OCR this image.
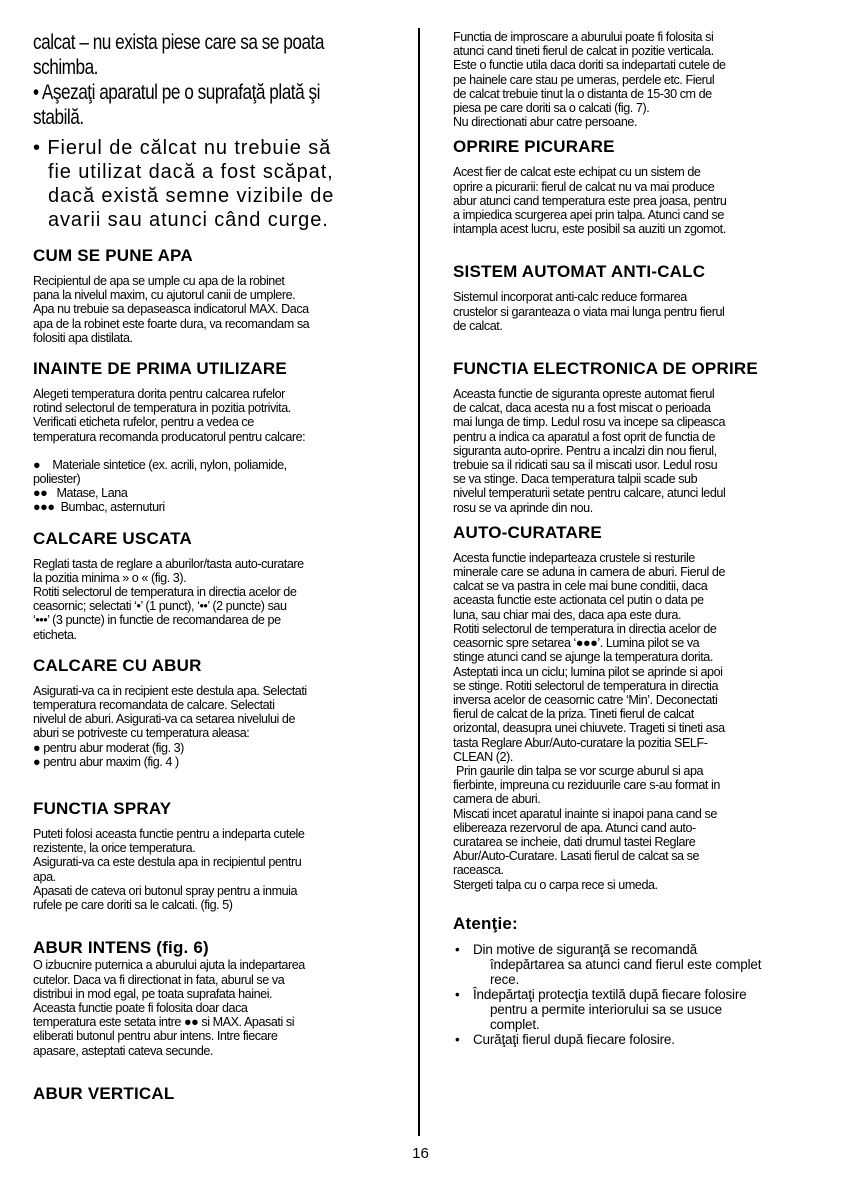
calcat – nu exista piese care sa se poata

schimba.

• Aşezaţi aparatul pe o suprafaţă plată şi

stabilă.

• Fierul de călcat nu trebuie să

fie utilizat dacă a fost scăpat,

dacă există semne vizibile de

avarii sau atunci când curge.

CUM SE PUNE APA

Recipientul de apa se umple cu apa de la robinet

pana la nivelul maxim, cu ajutorul canii de umplere.

Apa nu trebuie sa depaseasca indicatorul MAX. Daca

apa de la robinet este foarte dura, va recomandam sa

folositi apa distilata.

INAINTE DE PRIMA UTILIZARE

Alegeti temperatura dorita pentru calcarea rufelor

rotind selectorul de temperatura in pozitia potrivita.

Verificati eticheta rufelor, pentru a vedea ce

temperatura recomanda producatorul pentru calcare:

●    Materiale sintetice (ex. acrili, nylon, poliamide,

poliester)

●●   Matase, Lana

●●●  Bumbac, asternuturi

CALCARE USCATA

Reglati tasta de reglare a aburilor/tasta auto-curatare

la pozitia minima » o « (fig. 3).

Rotiti selectorul de temperatura in directia acelor de

ceasornic; selectati ‘•’ (1 punct), ‘••’ (2 puncte) sau

‘•••’ (3 puncte) in functie de recomandarea de pe

eticheta.

CALCARE CU ABUR

Asigurati-va ca in recipient este destula apa. Selectati

temperatura recomandata de calcare. Selectati

nivelul de aburi. Asigurati-va ca setarea nivelului de

aburi se potriveste cu temperatura aleasa:

● pentru abur moderat (fig. 3)

● pentru abur maxim (fig. 4 )

FUNCTIA SPRAY

Puteti folosi aceasta functie pentru a indeparta cutele

rezistente, la orice temperatura.

Asigurati-va ca este destula apa in recipientul pentru

apa.

Apasati de cateva ori butonul spray pentru a inmuia

rufele pe care doriti sa le calcati. (fig. 5)

ABUR INTENS (fig. 6)

O izbucnire puternica a aburului ajuta la indepartarea

cutelor. Daca va fi directionat in fata, aburul se va

distribui in mod egal, pe toata suprafata hainei.

Aceasta functie poate fi folosita doar daca

temperatura este setata intre ●● si MAX. Apasati si

eliberati butonul pentru abur intens. Intre fiecare

apasare, asteptati cateva secunde.

ABUR VERTICAL

Functia de improscare a aburului poate fi folosita si

atunci cand tineti fierul de calcat in pozitie verticala.

Este o functie utila daca doriti sa indepartati cutele de

pe hainele care stau pe umeras, perdele etc. Fierul

de calcat trebuie tinut la o distanta de 15-30 cm de

piesa pe care doriti sa o calcati (fig. 7).

Nu directionati abur catre persoane.

OPRIRE PICURARE

Acest fier de calcat este echipat cu un sistem de

oprire a picurarii: fierul de calcat nu va mai produce

abur atunci cand temperatura este prea joasa, pentru

a impiedica scurgerea apei prin talpa. Atunci cand se

intampla acest lucru, este posibil sa auziti un zgomot.

SISTEM AUTOMAT ANTI-CALC

Sistemul incorporat anti-calc reduce formarea

crustelor si garanteaza o viata mai lunga pentru fierul

de calcat.

FUNCTIA ELECTRONICA DE OPRIRE

Aceasta functie de siguranta opreste automat fierul

de calcat, daca acesta nu a fost miscat o perioada

mai lunga de timp. Ledul rosu va incepe sa clipeasca

pentru a indica ca aparatul a fost oprit de functia de

siguranta auto-oprire. Pentru a incalzi din nou fierul,

trebuie sa il ridicati sau sa il miscati usor. Ledul rosu

se va stinge. Daca temperatura talpii scade sub

nivelul temperaturii setate pentru calcare, atunci ledul

rosu se va aprinde din nou.

AUTO-CURATARE

Acesta functie indeparteaza crustele si resturile

minerale care se aduna in camera de aburi. Fierul de

calcat se va pastra in cele mai bune conditii, daca

aceasta functie este actionata cel putin o data pe

luna, sau chiar mai des, daca apa este dura.

Rotiti selectorul de temperatura in directia acelor de

ceasornic spre setarea ‘●●●’. Lumina pilot se va

stinge atunci cand se ajunge la temperatura dorita.

Asteptati inca un ciclu; lumina pilot se aprinde si apoi

se stinge. Rotiti selectorul de temperatura in directia

inversa acelor de ceasornic catre ‘Min’. Deconectati

fierul de calcat de la priza. Tineti fierul de calcat

orizontal, deasupra unei chiuvete. Trageti si tineti asa

tasta Reglare Abur/Auto-curatare la pozitia SELF-

CLEAN (2).

Prin gaurile din talpa se vor scurge aburul si apa

fierbinte, impreuna cu reziduurile care s-au format in

camera de aburi.

Miscati incet aparatul inainte si inapoi pana cand se

elibereaza rezervorul de apa. Atunci cand auto-

curatarea se incheie, dati drumul tastei Reglare

Abur/Auto-Curatare. Lasati fierul de calcat sa se

raceasca.

Stergeti talpa cu o carpa rece si umeda.

Atenţie:
• Din motive de siguranţă se recomandă
îndepărtarea sa atunci cand fierul este complet
rece.
• Îndepărtaţi protecţia textilă după fiecare folosire
pentru a permite interiorului sa se usuce
complet.
• Curăţaţi fierul după fiecare folosire.
16
